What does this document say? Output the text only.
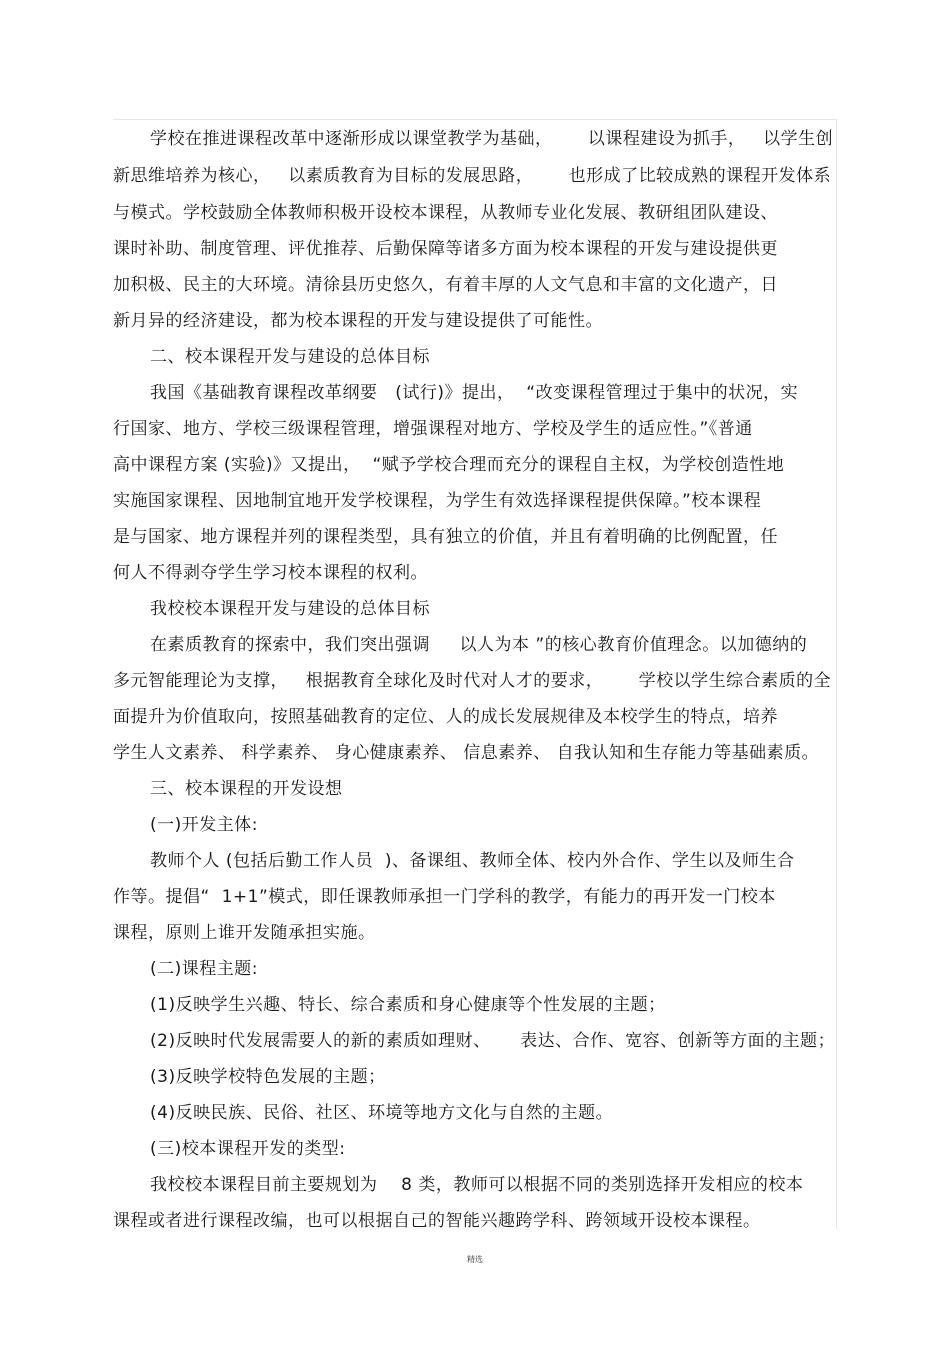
学校在推进课程改革中逐渐形成以课堂教学为基础，      以课程建设为抓手，   以学生创
新思维培养为核心，   以素质教育为目标的发展思路，      也形成了比较成熟的课程开发体系
与模式。学校鼓励全体教师积极开设校本课程，从教师专业化发展、教研组团队建设、
课时补助、制度管理、评优推荐、后勤保障等诸多方面为校本课程的开发与建设提供更
加积极、民主的大环境。清徐县历史悠久，有着丰厚的人文气息和丰富的文化遗产，日
新月异的经济建设，都为校本课程的开发与建设提供了可能性。
二、校本课程开发与建设的总体目标
我国《基础教育课程改革纲要   (试行)》提出，  “改变课程管理过于集中的状况，实
行国家、地方、学校三级课程管理，增强课程对地方、学校及学生的适应性。”《普通
高中课程方案 (实验)》又提出，  “赋予学校合理而充分的课程自主权，为学校创造性地
实施国家课程、因地制宜地开发学校课程，为学生有效选择课程提供保障。”校本课程
是与国家、地方课程并列的课程类型，具有独立的价值，并且有着明确的比例配置，任
何人不得剥夺学生学习校本课程的权利。
我校校本课程开发与建设的总体目标
在素质教育的探索中，我们突出强调     以人为本 ”的核心教育价值理念。以加德纳的
多元智能理论为支撑，   根据教育全球化及时代对人才的要求，      学校以学生综合素质的全
面提升为价值取向，按照基础教育的定位、人的成长发展规律及本校学生的特点，培养
学生人文素养、 科学素养、 身心健康素养、 信息素养、 自我认知和生存能力等基础素质。
三、校本课程的开发设想
(一)开发主体:
教师个人 (包括后勤工作人员  )、备课组、教师全体、校内外合作、学生以及师生合
作等。提倡“  1+1”模式，即任课教师承担一门学科的教学，有能力的再开发一门校本
课程，原则上谁开发随承担实施。
(二)课程主题:
(1)反映学生兴趣、特长、综合素质和身心健康等个性发展的主题；
(2)反映时代发展需要人的新的素质如理财、     表达、合作、宽容、创新等方面的主题；
(3)反映学校特色发展的主题；
(4)反映民族、民俗、社区、环境等地方文化与自然的主题。
(三)校本课程开发的类型:
我校校本课程目前主要规划为    8 类，教师可以根据不同的类别选择开发相应的校本
课程或者进行课程改编，也可以根据自己的智能兴趣跨学科、跨领域开设校本课程。
精选
